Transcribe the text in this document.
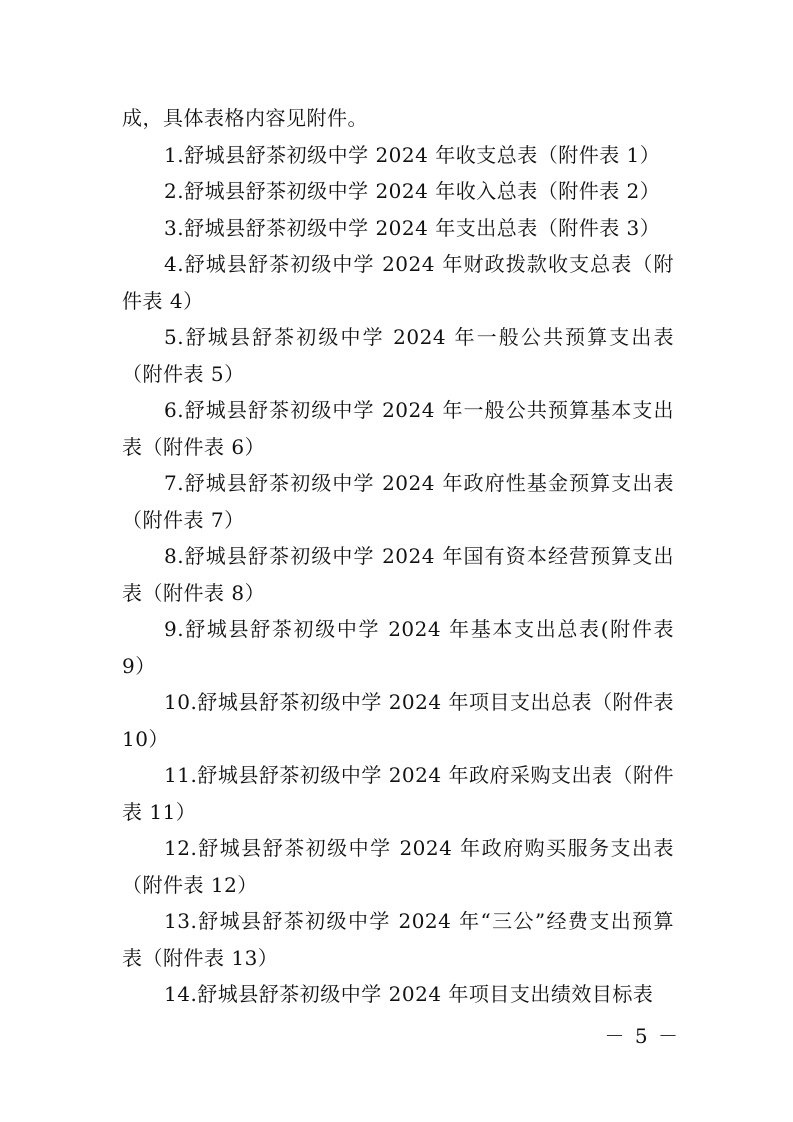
成，具体表格内容见附件。

1.舒城县舒茶初级中学 2024 年收支总表（附件表 1）

2.舒城县舒茶初级中学 2024 年收入总表（附件表 2）

3.舒城县舒茶初级中学 2024 年支出总表（附件表 3）

4.舒城县舒茶初级中学 2024 年财政拨款收支总表（附件表 4）

5.舒城县舒茶初级中学 2024 年一般公共预算支出表（附件表 5）

6.舒城县舒茶初级中学 2024 年一般公共预算基本支出表（附件表 6）

7.舒城县舒茶初级中学 2024 年政府性基金预算支出表（附件表 7）

8.舒城县舒茶初级中学 2024 年国有资本经营预算支出表（附件表 8）

9.舒城县舒茶初级中学 2024 年基本支出总表(附件表 9）

10.舒城县舒茶初级中学 2024 年项目支出总表（附件表 10）

11.舒城县舒茶初级中学 2024 年政府采购支出表（附件表 11）

12.舒城县舒茶初级中学 2024 年政府购买服务支出表（附件表 12）

13.舒城县舒茶初级中学 2024 年“三公”经费支出预算表（附件表 13）

14.舒城县舒茶初级中学 2024 年项目支出绩效目标表

－ 5 －
